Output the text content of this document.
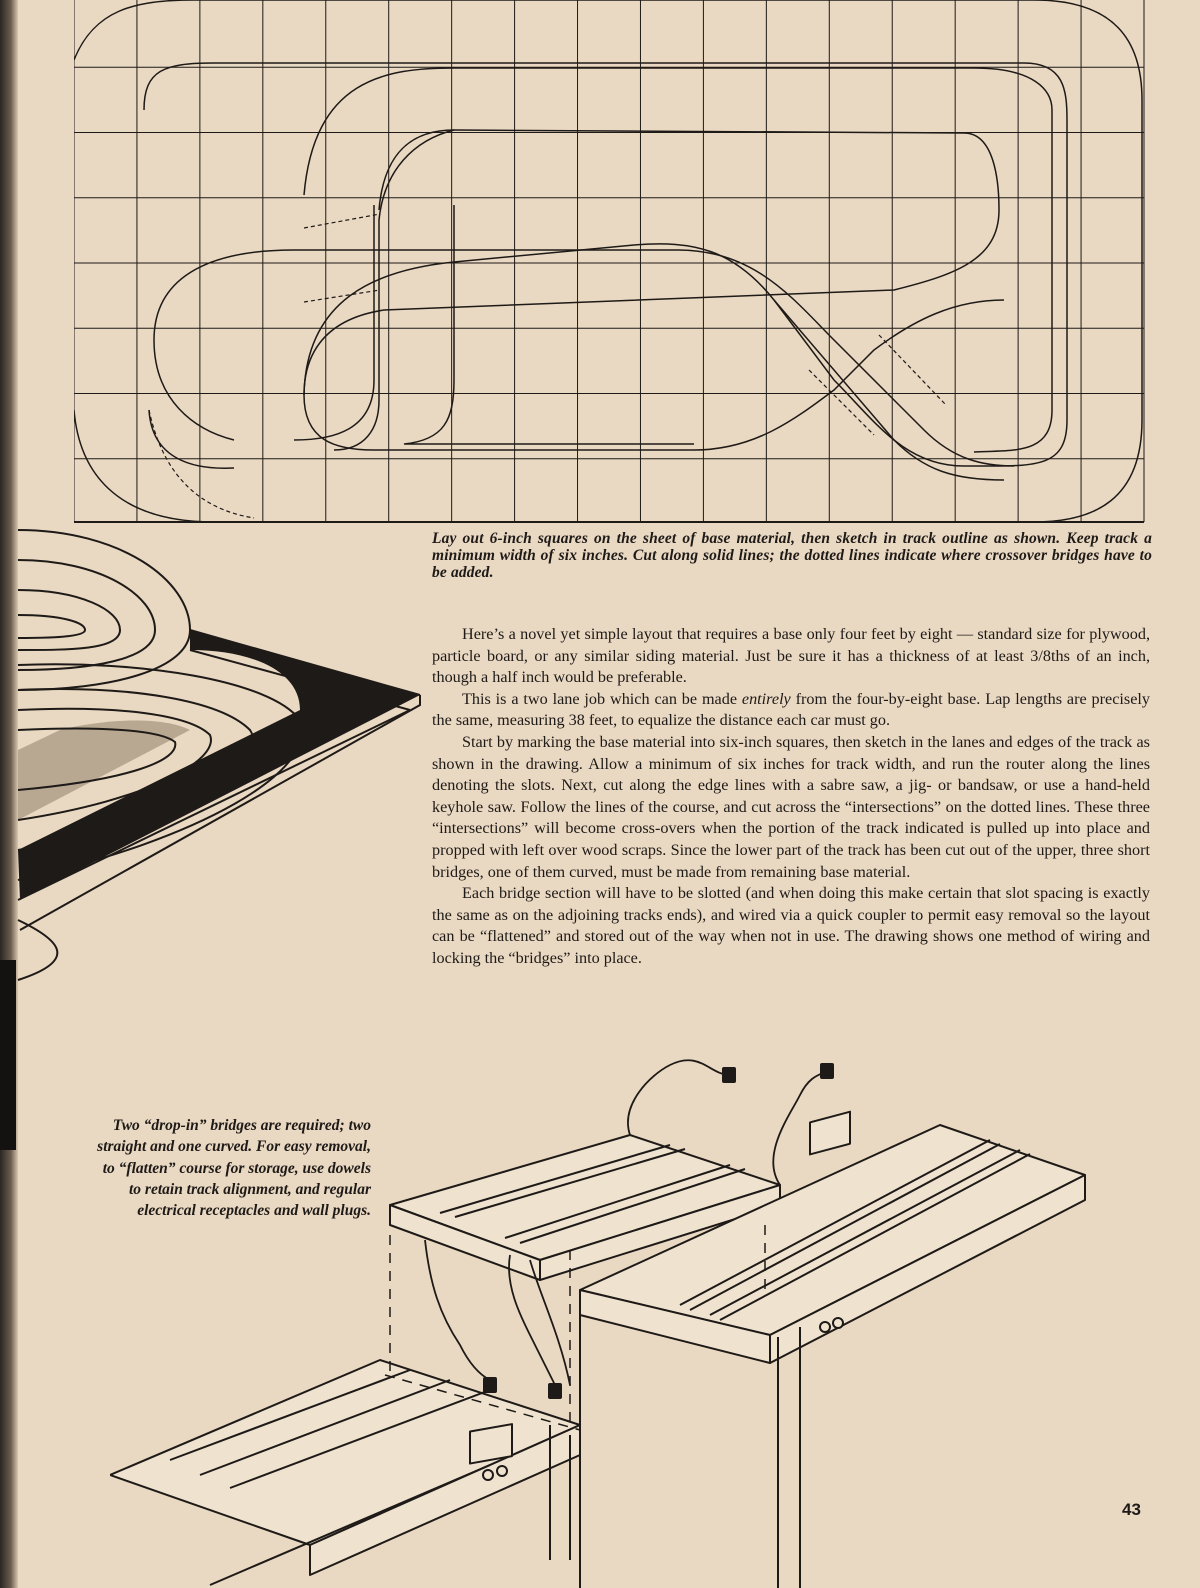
Lay out 6-inch squares on the sheet of base material, then sketch in track outline as shown. Keep track a minimum width of six inches. Cut along solid lines; the dotted lines indicate where crossover bridges have to be added.

Here’s a novel yet simple layout that requires a base only four feet by eight — standard size for plywood, particle board, or any similar siding material. Just be sure it has a thickness of at least 3/8ths of an inch, though a half inch would be preferable.

This is a two lane job which can be made entirely from the four-by-eight base. Lap lengths are precisely the same, measuring 38 feet, to equalize the distance each car must go.

Start by marking the base material into six-inch squares, then sketch in the lanes and edges of the track as shown in the drawing. Allow a minimum of six inches for track width, and run the router along the lines denoting the slots. Next, cut along the edge lines with a sabre saw, a jig- or bandsaw, or use a hand-held keyhole saw. Follow the lines of the course, and cut across the “intersections” on the dotted lines. These three “intersections” will become cross-overs when the portion of the track indicated is pulled up into place and propped with left over wood scraps. Since the lower part of the track has been cut out of the upper, three short bridges, one of them curved, must be made from remaining base material.

Each bridge section will have to be slotted (and when doing this make certain that slot spacing is exactly the same as on the adjoining tracks ends), and wired via a quick coupler to permit easy removal so the layout can be “flattened” and stored out of the way when not in use. The drawing shows one method of wiring and locking the “bridges” into place.

Two “drop-in” bridges are required; two straight and one curved. For easy removal, to “flatten” course for storage, use dowels to retain track alignment, and regular electrical receptacles and wall plugs.
43
